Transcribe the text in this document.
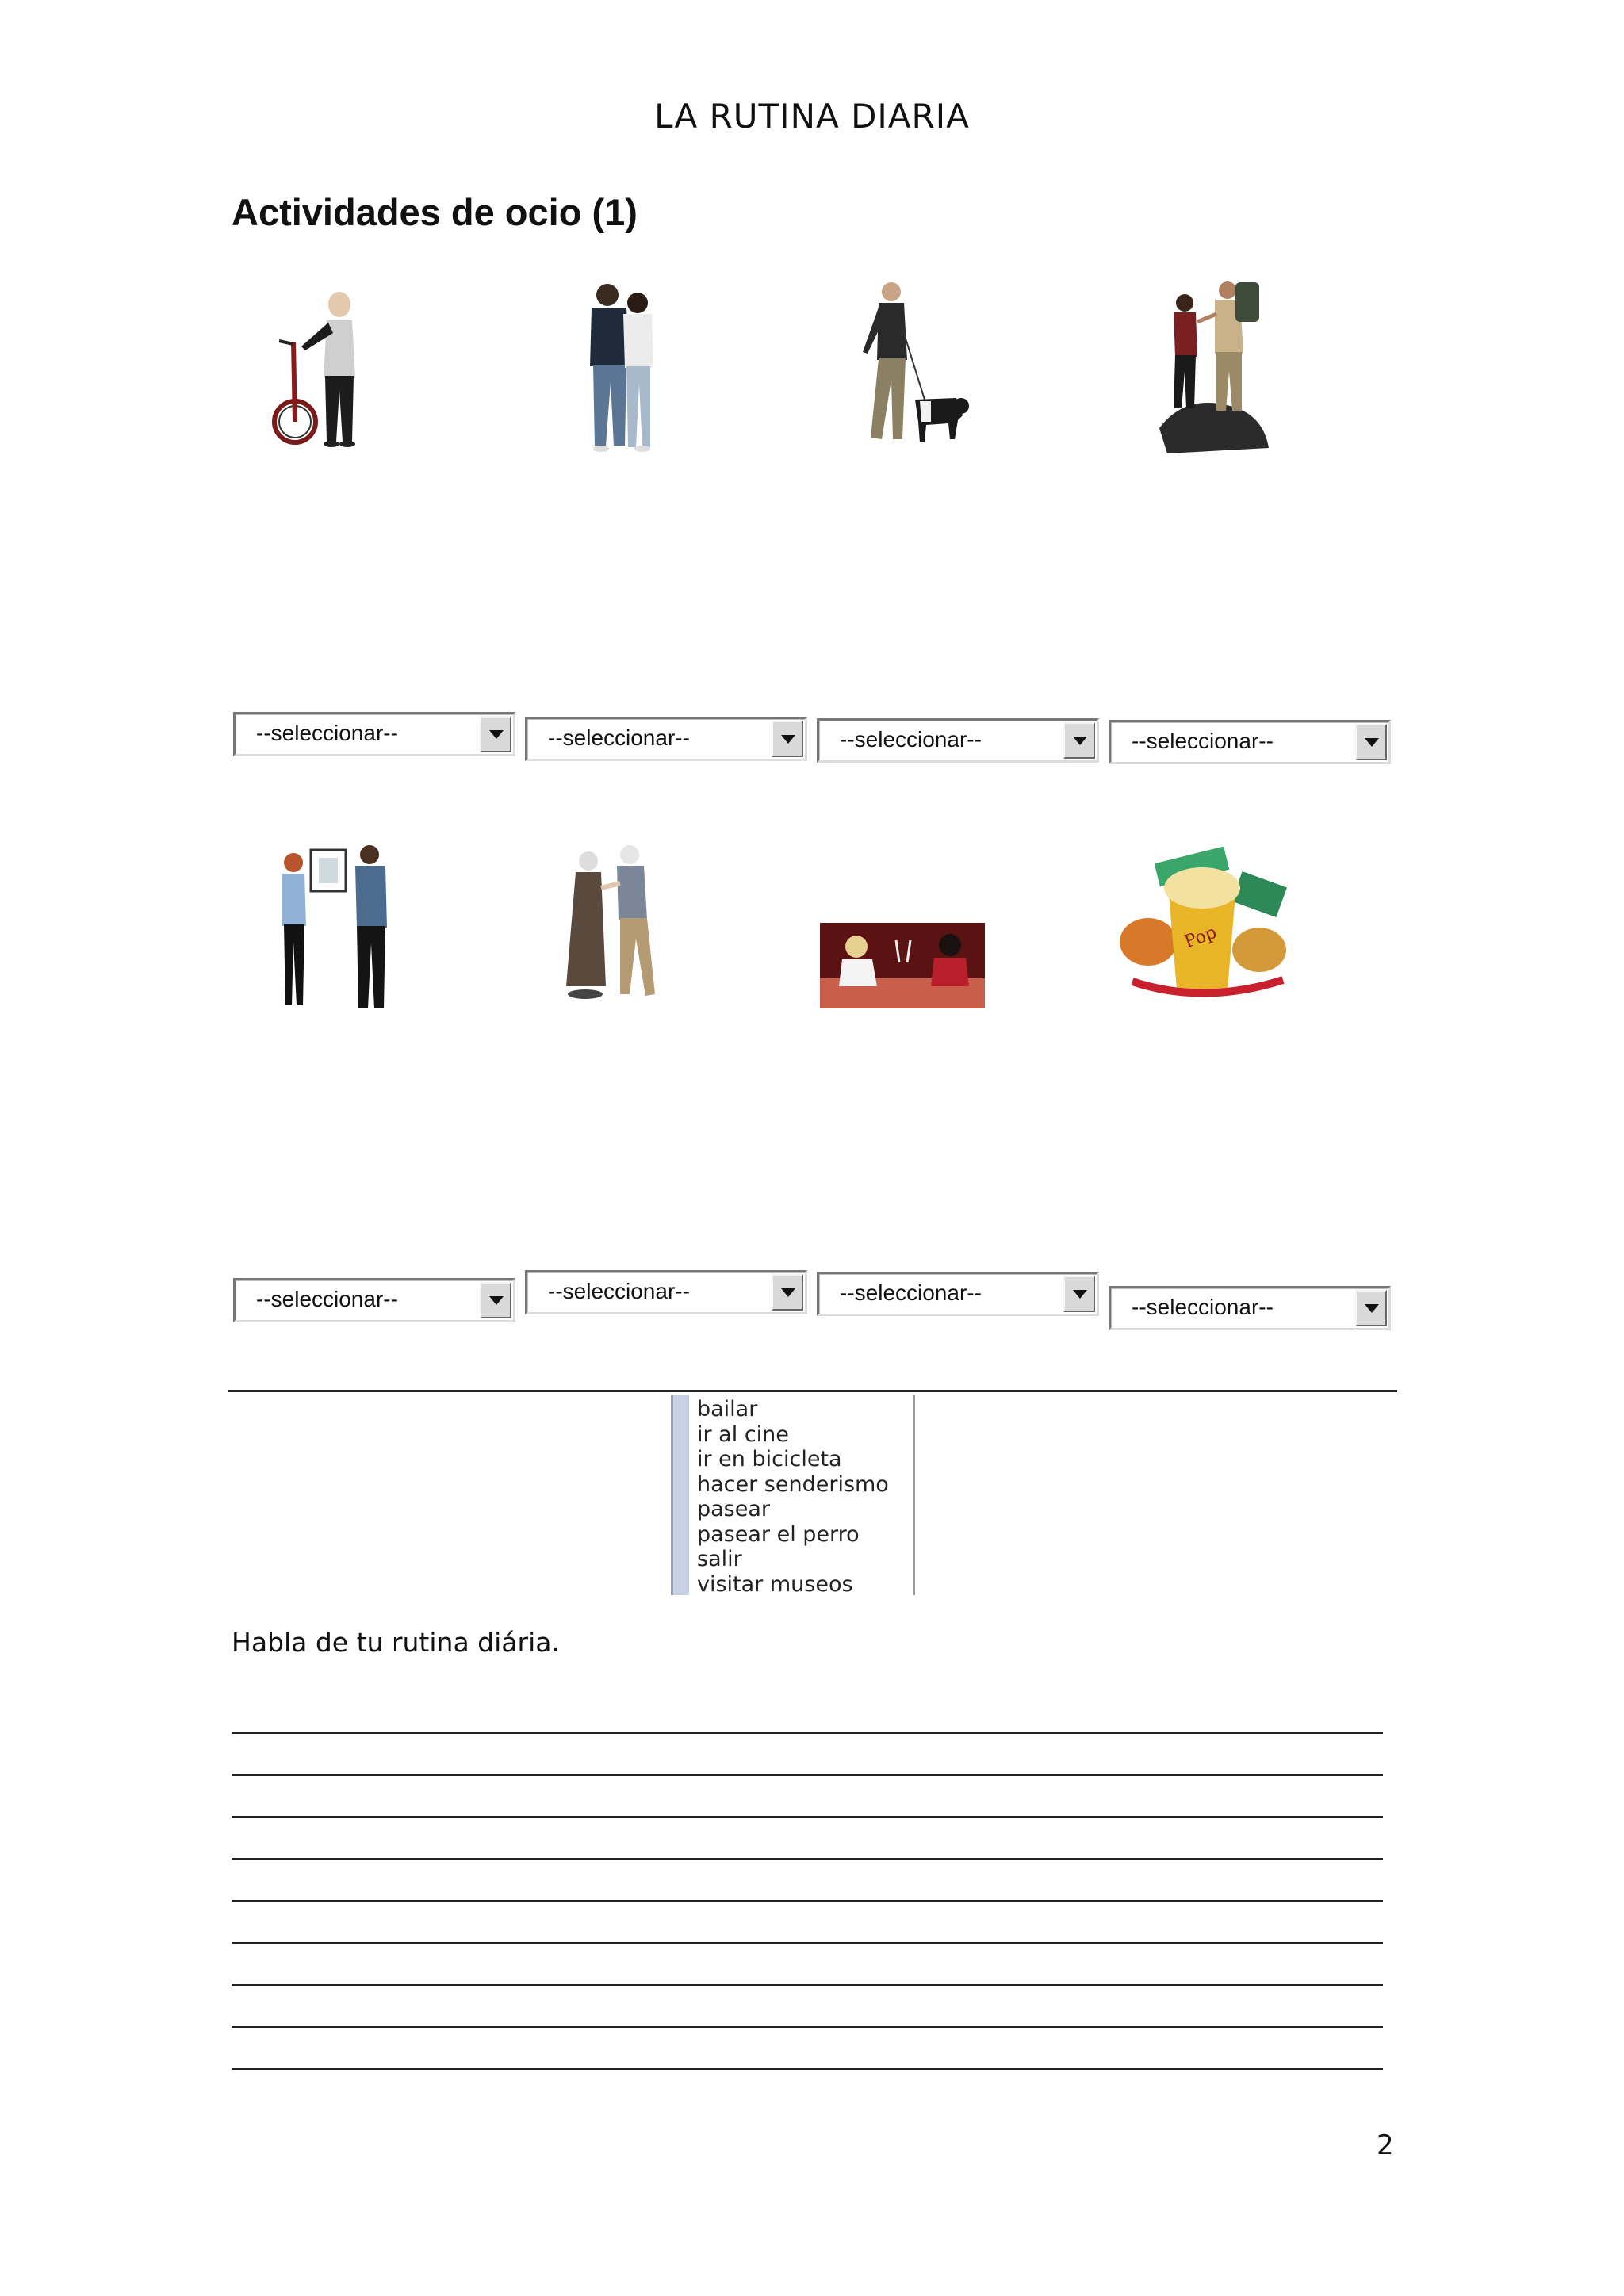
LA RUTINA DIARIA
Actividades de ocio (1)
--seleccionar--	--seleccionar--	--seleccionar--	--seleccionar--
Pop
--seleccionar--	--seleccionar--	--seleccionar--
--seleccionar--
bailar
ir al cine
ir en bicicleta
hacer senderismo
pasear
pasear el perro
salir
visitar museos
Habla de tu rutina diária.
2
